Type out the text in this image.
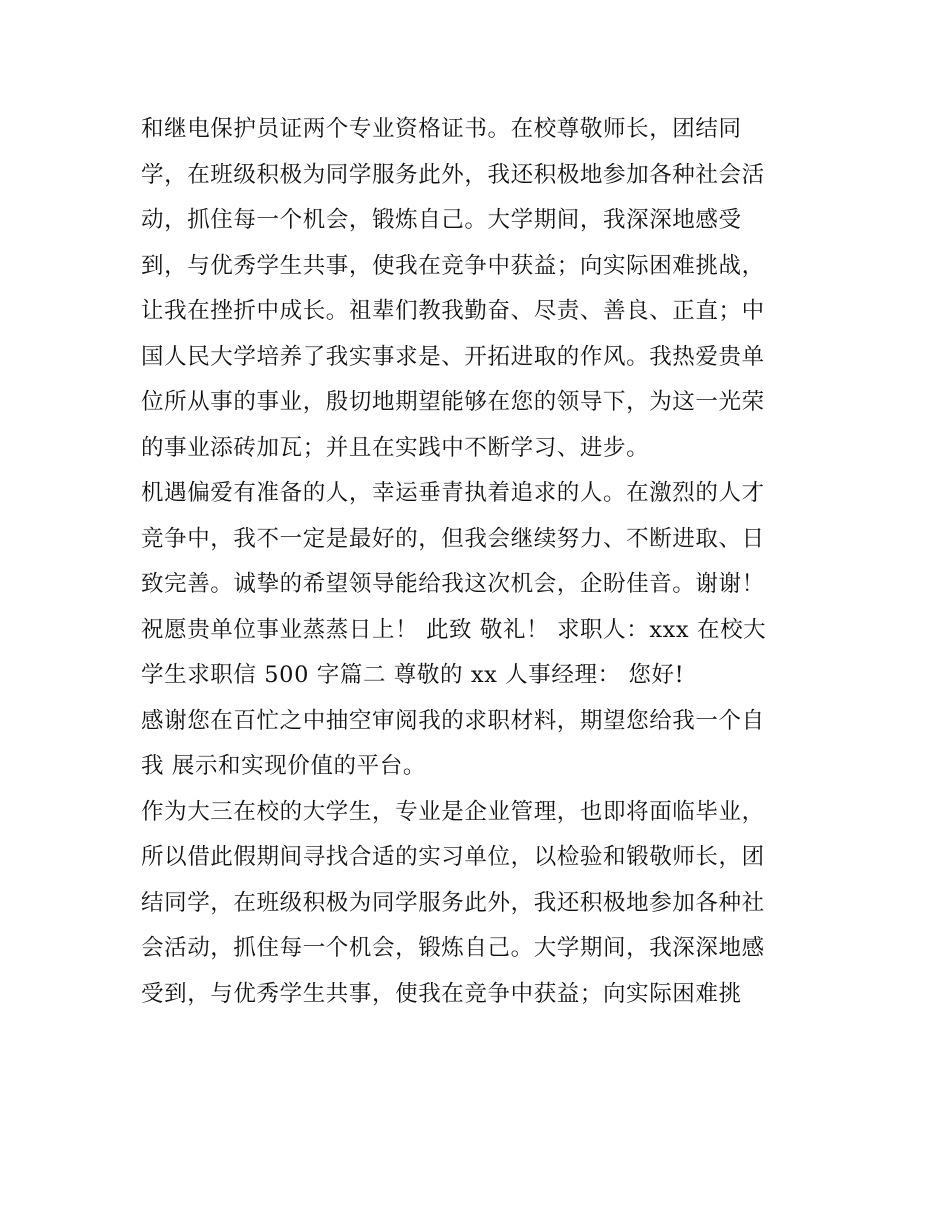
和继电保护员证两个专业资格证书。在校尊敬师长，团结同
学，在班级积极为同学服务此外，我还积极地参加各种社会活
动，抓住每一个机会，锻炼自己。大学期间，我深深地感受
到，与优秀学生共事，使我在竞争中获益；向实际困难挑战，
让我在挫折中成长。祖辈们教我勤奋、尽责、善良、正直；中
国人民大学培养了我实事求是、开拓进取的作风。我热爱贵单
位所从事的事业，殷切地期望能够在您的领导下，为这一光荣
的事业添砖加瓦；并且在实践中不断学习、进步。
机遇偏爱有准备的人，幸运垂青执着追求的人。在激烈的人才
竞争中，我不一定是最好的，但我会继续努力、不断进取、日
致完善。诚挚的希望领导能给我这次机会，企盼佳音。谢谢！
祝愿贵单位事业蒸蒸日上！ 此致 敬礼！ 求职人：xxx 在校大
学生求职信 500 字篇二 尊敬的 xx 人事经理： 您好!
感谢您在百忙之中抽空审阅我的求职材料，期望您给我一个自
我 展示和实现价值的平台。
作为大三在校的大学生，专业是企业管理，也即将面临毕业，
所以借此假期间寻找合适的实习单位，以检验和锻敬师长，团
结同学，在班级积极为同学服务此外，我还积极地参加各种社
会活动，抓住每一个机会，锻炼自己。大学期间，我深深地感
受到，与优秀学生共事，使我在竞争中获益；向实际困难挑
